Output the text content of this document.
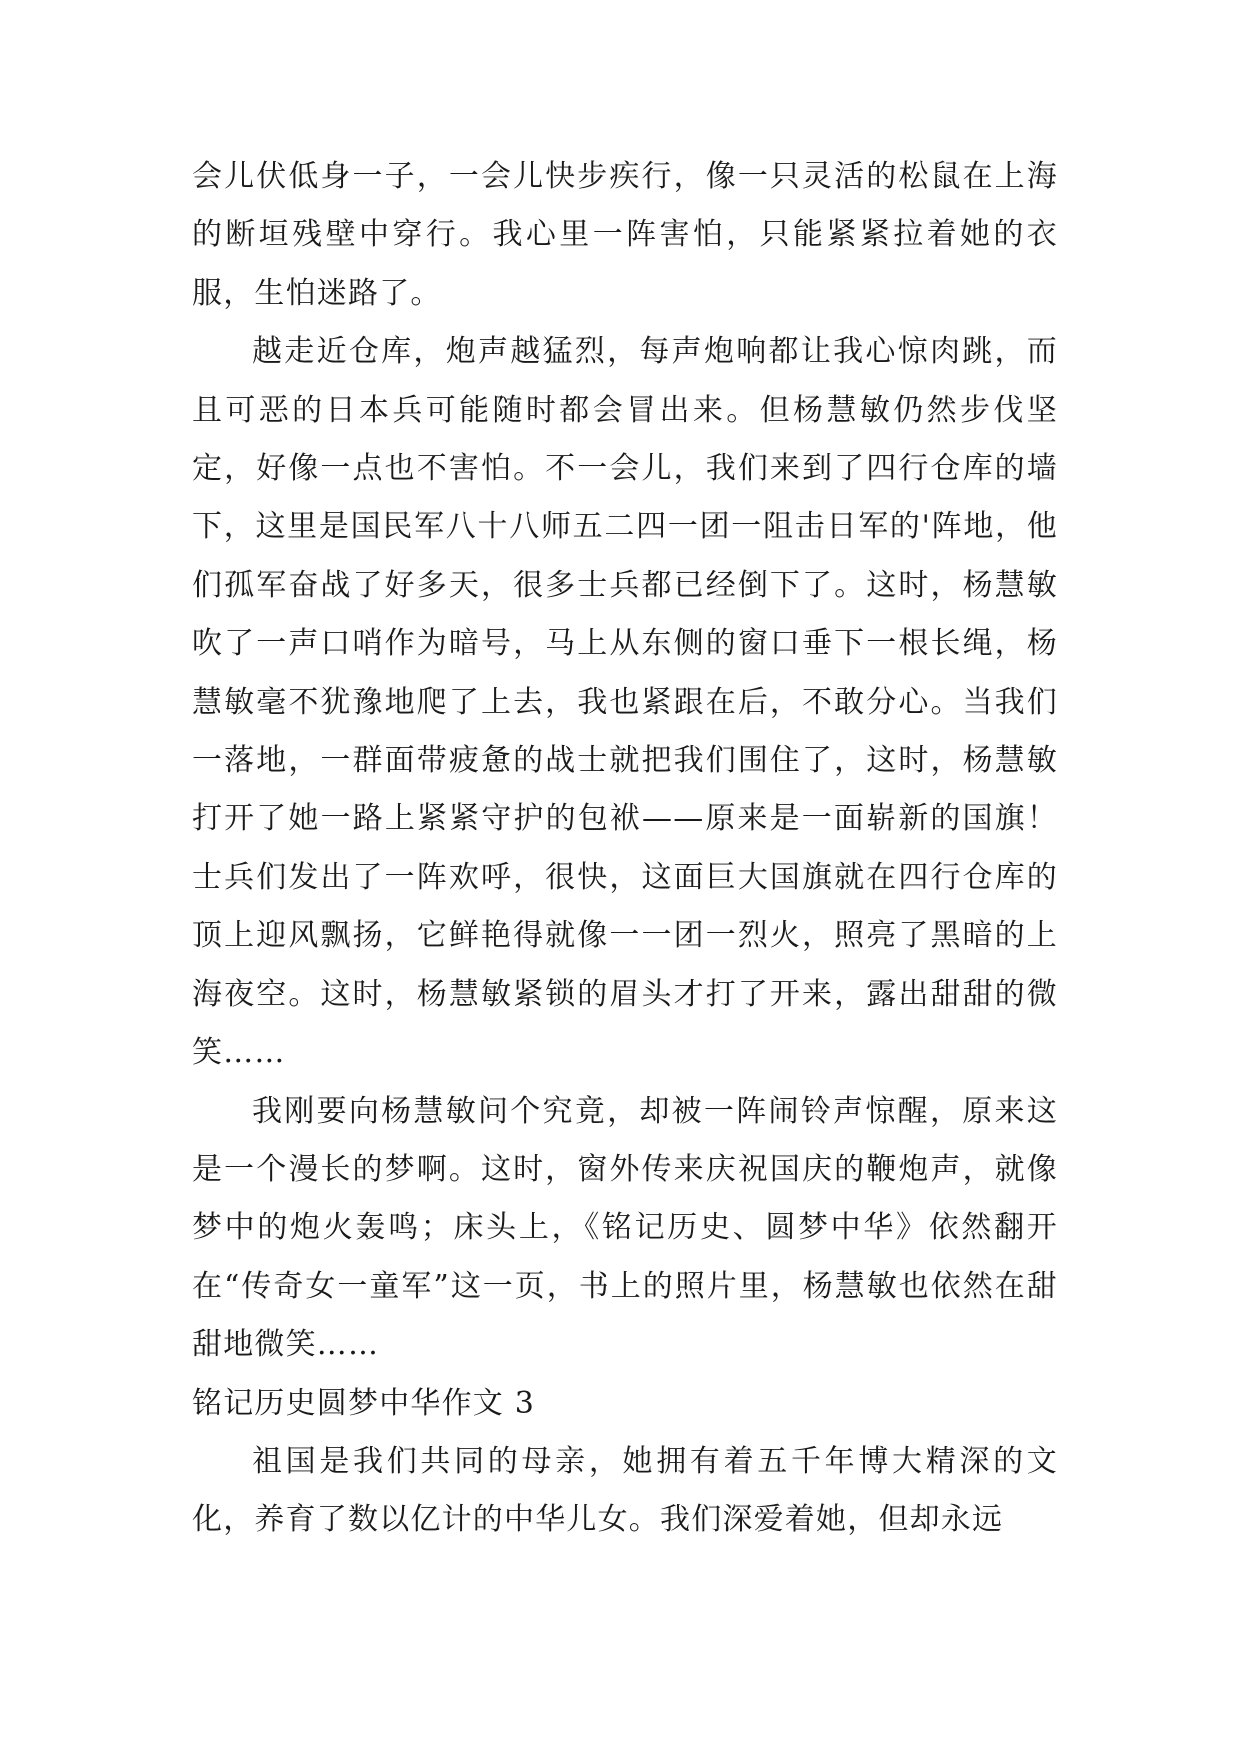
会儿伏低身一子，一会儿快步疾行，像一只灵活的松鼠在上海的断垣残壁中穿行。我心里一阵害怕，只能紧紧拉着她的衣服，生怕迷路了。

越走近仓库，炮声越猛烈，每声炮响都让我心惊肉跳，而且可恶的日本兵可能随时都会冒出来。但杨慧敏仍然步伐坚定，好像一点也不害怕。不一会儿，我们来到了四行仓库的墙下，这里是国民军八十八师五二四一团一阻击日军的'阵地，他们孤军奋战了好多天，很多士兵都已经倒下了。这时，杨慧敏吹了一声口哨作为暗号，马上从东侧的窗口垂下一根长绳，杨慧敏毫不犹豫地爬了上去，我也紧跟在后，不敢分心。当我们一落地，一群面带疲惫的战士就把我们围住了，这时，杨慧敏打开了她一路上紧紧守护的包袱——原来是一面崭新的国旗！士兵们发出了一阵欢呼，很快，这面巨大国旗就在四行仓库的顶上迎风飘扬，它鲜艳得就像一一团一烈火，照亮了黑暗的上海夜空。这时，杨慧敏紧锁的眉头才打了开来，露出甜甜的微笑……

我刚要向杨慧敏问个究竟，却被一阵闹铃声惊醒，原来这是一个漫长的梦啊。这时，窗外传来庆祝国庆的鞭炮声，就像梦中的炮火轰鸣；床头上，《铭记历史、圆梦中华》依然翻开在“传奇女一童军”这一页，书上的照片里，杨慧敏也依然在甜甜地微笑……

铭记历史圆梦中华作文 3

祖国是我们共同的母亲，她拥有着五千年博大精深的文化，养育了数以亿计的中华儿女。我们深爱着她，但却永远
